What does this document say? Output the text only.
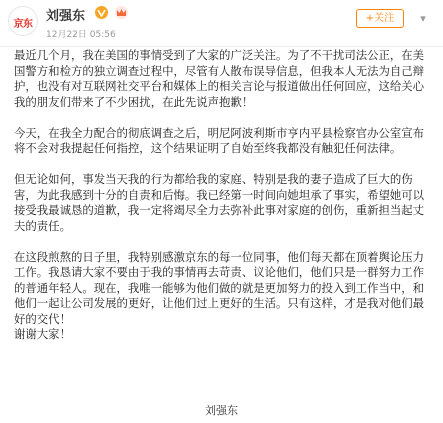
京东
刘强东

12月22日 05:56
+关注	▾

最近几个月，我在美国的事情受到了大家的广泛关注。为了不干扰司法公正，在美国警方和检方的独立调查过程中，尽管有人散布误导信息，但我本人无法为自己辩护，也没有对互联网社交平台和媒体上的相关言论与报道做出任何回应，这给关心我的朋友们带来了不少困扰，在此先说声抱歉！

今天，在我全力配合的彻底调查之后，明尼阿波利斯市亨内平县检察官办公室宣布将不会对我提起任何指控，这个结果证明了自始至终我都没有触犯任何法律。

但无论如何，事发当天我的行为都给我的家庭、特别是我的妻子造成了巨大的伤害，为此我感到十分的自责和后悔。我已经第一时间向她坦承了事实，希望她可以接受我最诚恳的道歉，我一定将竭尽全力去弥补此事对家庭的创伤，重新担当起丈夫的责任。

在这段煎熬的日子里，我特别感激京东的每一位同事，他们每天都在顶着舆论压力工作。我恳请大家不要由于我的事情再去苛责、议论他们，他们只是一群努力工作的普通年轻人。现在，我唯一能够为他们做的就是更加努力的投入到工作当中，和他们一起让公司发展的更好，让他们过上更好的生活。只有这样，才是我对他们最好的交代！

谢谢大家！

刘强东
